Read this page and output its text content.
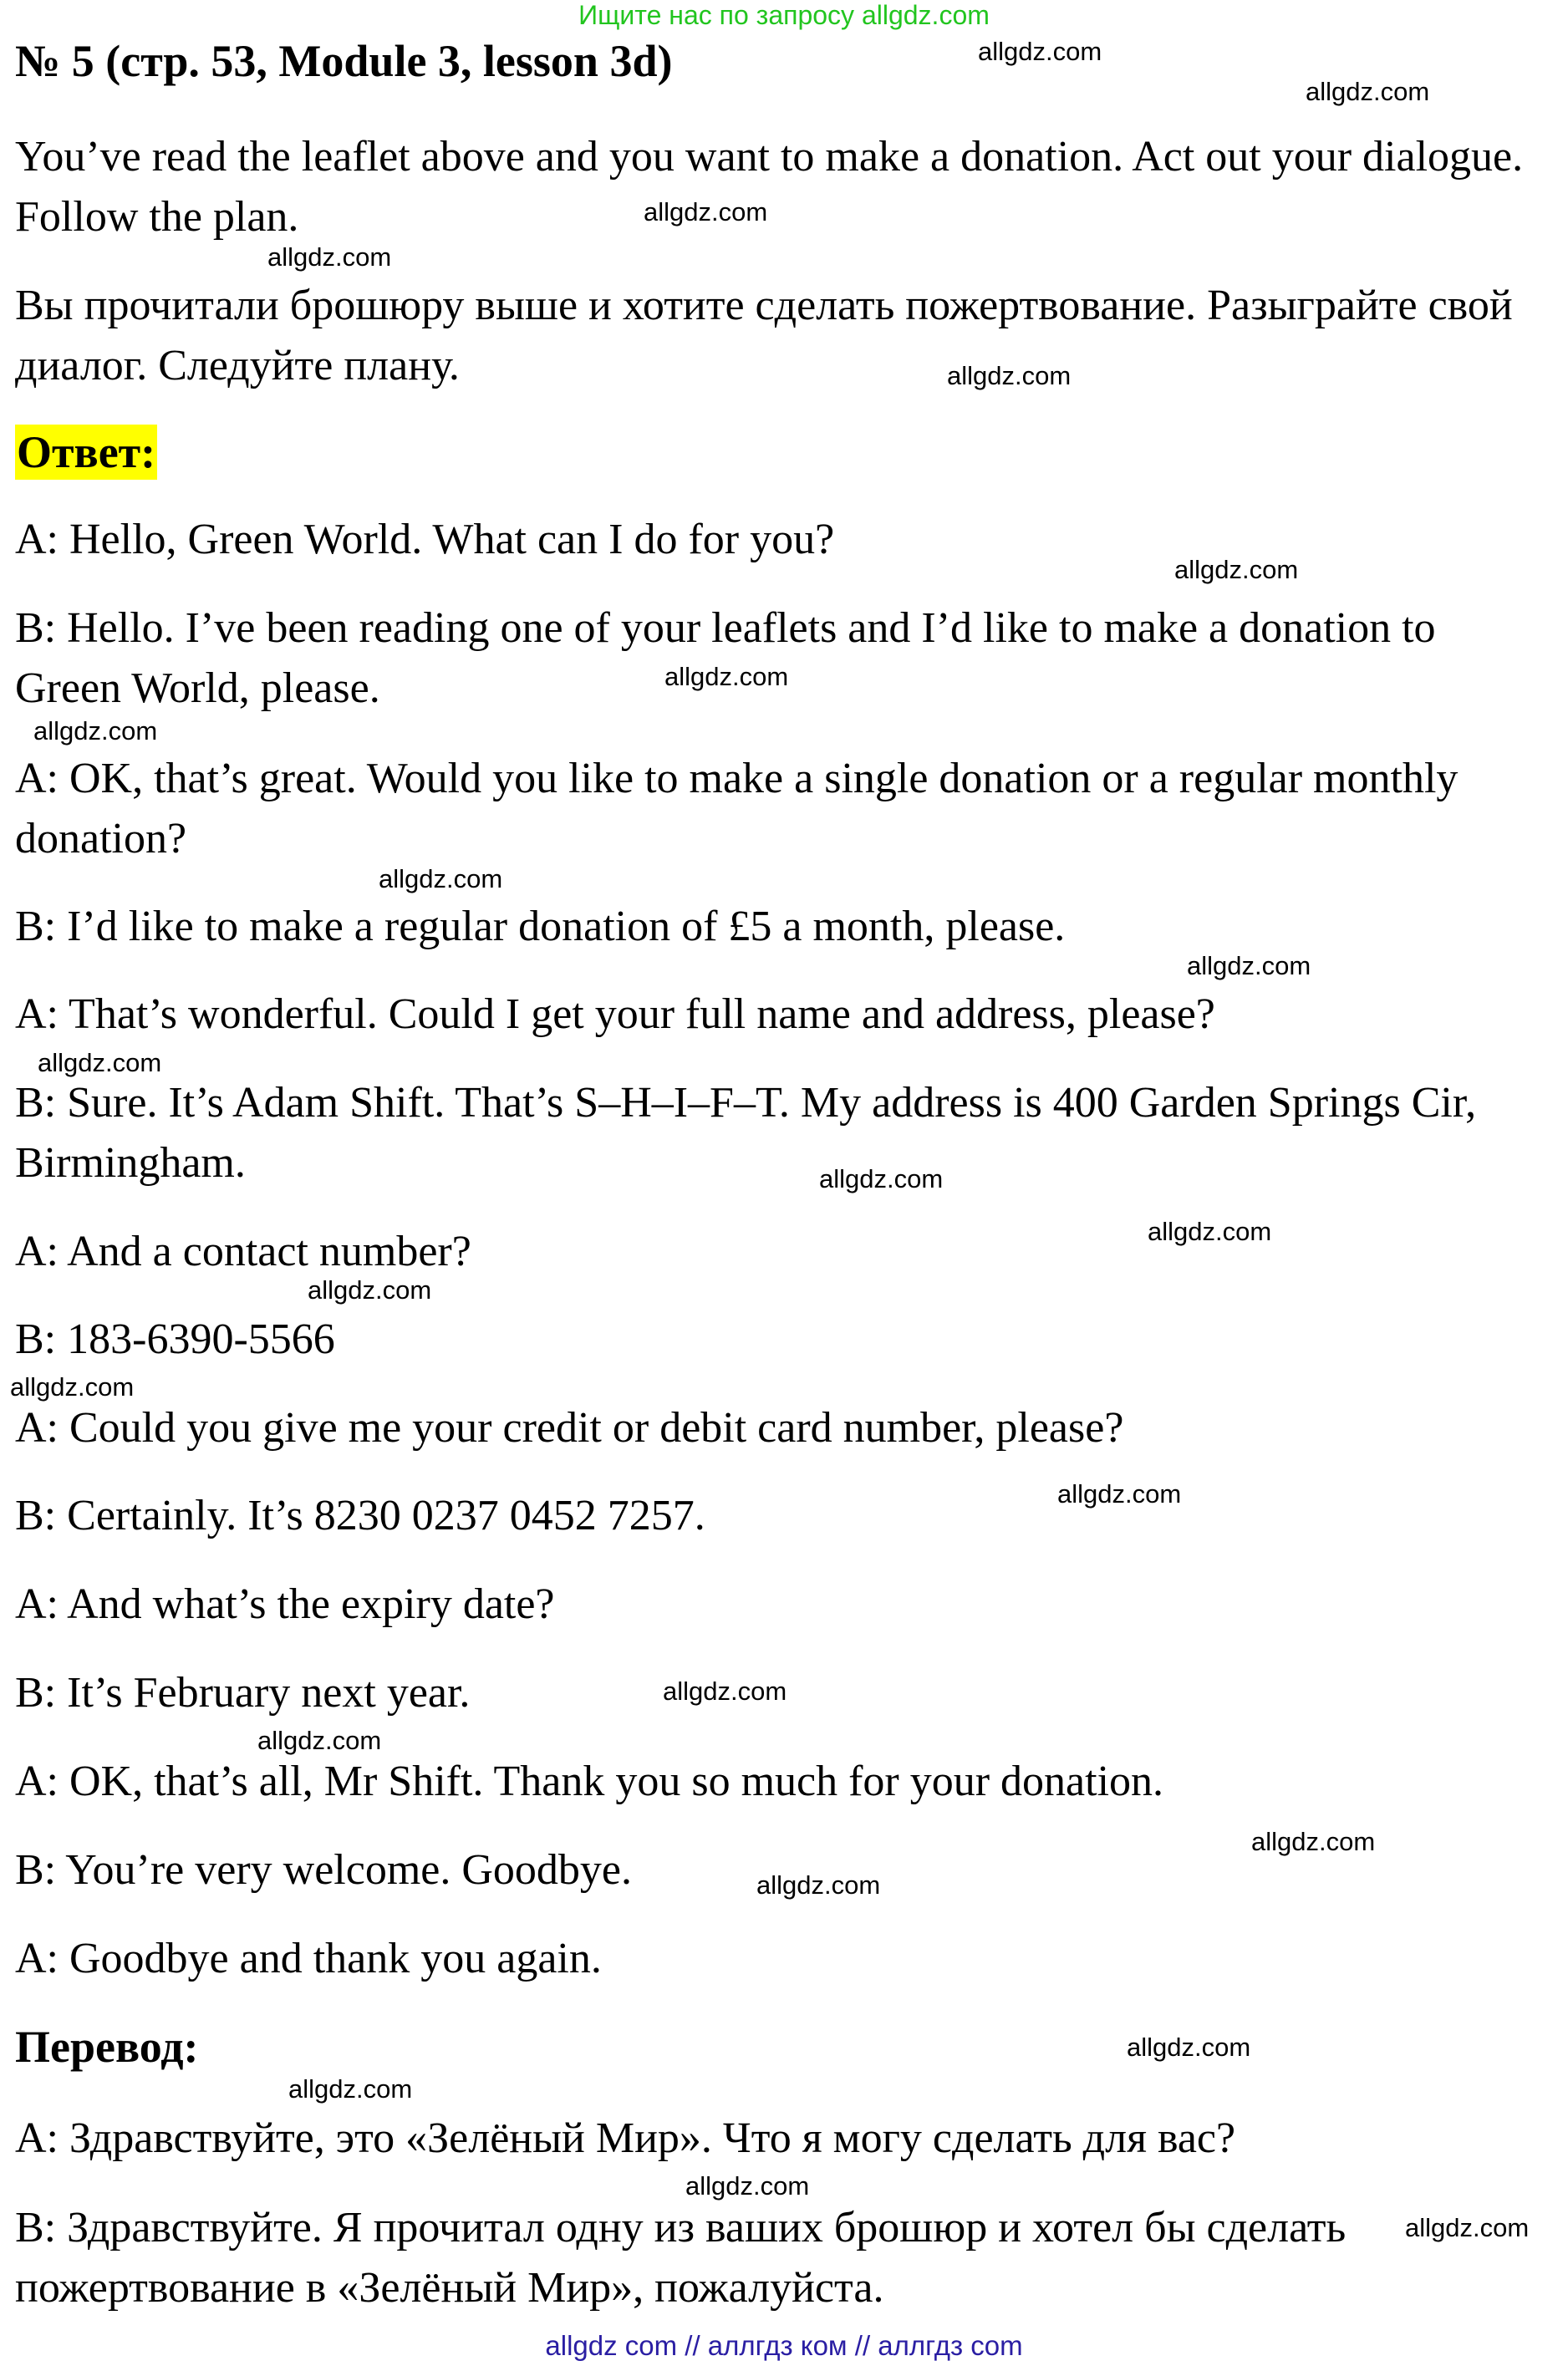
Ищите нас по запросу allgdz.com
№ 5 (стр. 53, Module 3, lesson 3d)

You’ve read the leaflet above and you want to make a donation. Act out your dialogue. Follow the plan.

Вы прочитали брошюру выше и хотите сделать пожертвование. Разыграйте свой диалог. Следуйте плану.

Ответ:

A: Hello, Green World. What can I do for you?

B: Hello. I’ve been reading one of your leaflets and I’d like to make a donation to Green World, please.

A: OK, that’s great. Would you like to make a single donation or a regular monthly donation?

B: I’d like to make a regular donation of £5 a month, please.

A: That’s wonderful. Could I get your full name and address, please?

B: Sure. It’s Adam Shift. That’s S–H–I–F–T. My address is 400 Garden Springs Cir, Birmingham.

A: And a contact number?

B: 183-6390-5566

A: Could you give me your credit or debit card number, please?

B: Certainly. It’s 8230 0237 0452 7257.

A: And what’s the expiry date?

B: It’s February next year.

A: OK, that’s all, Mr Shift. Thank you so much for your donation.

B: You’re very welcome. Goodbye.

A: Goodbye and thank you again.

Перевод:

A: Здравствуйте, это «Зелёный Мир». Что я могу сделать для вас?

B: Здравствуйте. Я прочитал одну из ваших брошюр и хотел бы сделать пожертвование в «Зелёный Мир», пожалуйста.

allgdz.com
allgdz.com
allgdz.com
allgdz.com
allgdz.com
allgdz.com
allgdz.com
allgdz.com
allgdz.com
allgdz.com
allgdz.com
allgdz.com
allgdz.com
allgdz.com
allgdz.com
allgdz.com
allgdz.com
allgdz.com
allgdz.com
allgdz.com
allgdz.com
allgdz.com
allgdz.com
allgdz.com
allgdz com // аллгдз ком // аллгдз com
